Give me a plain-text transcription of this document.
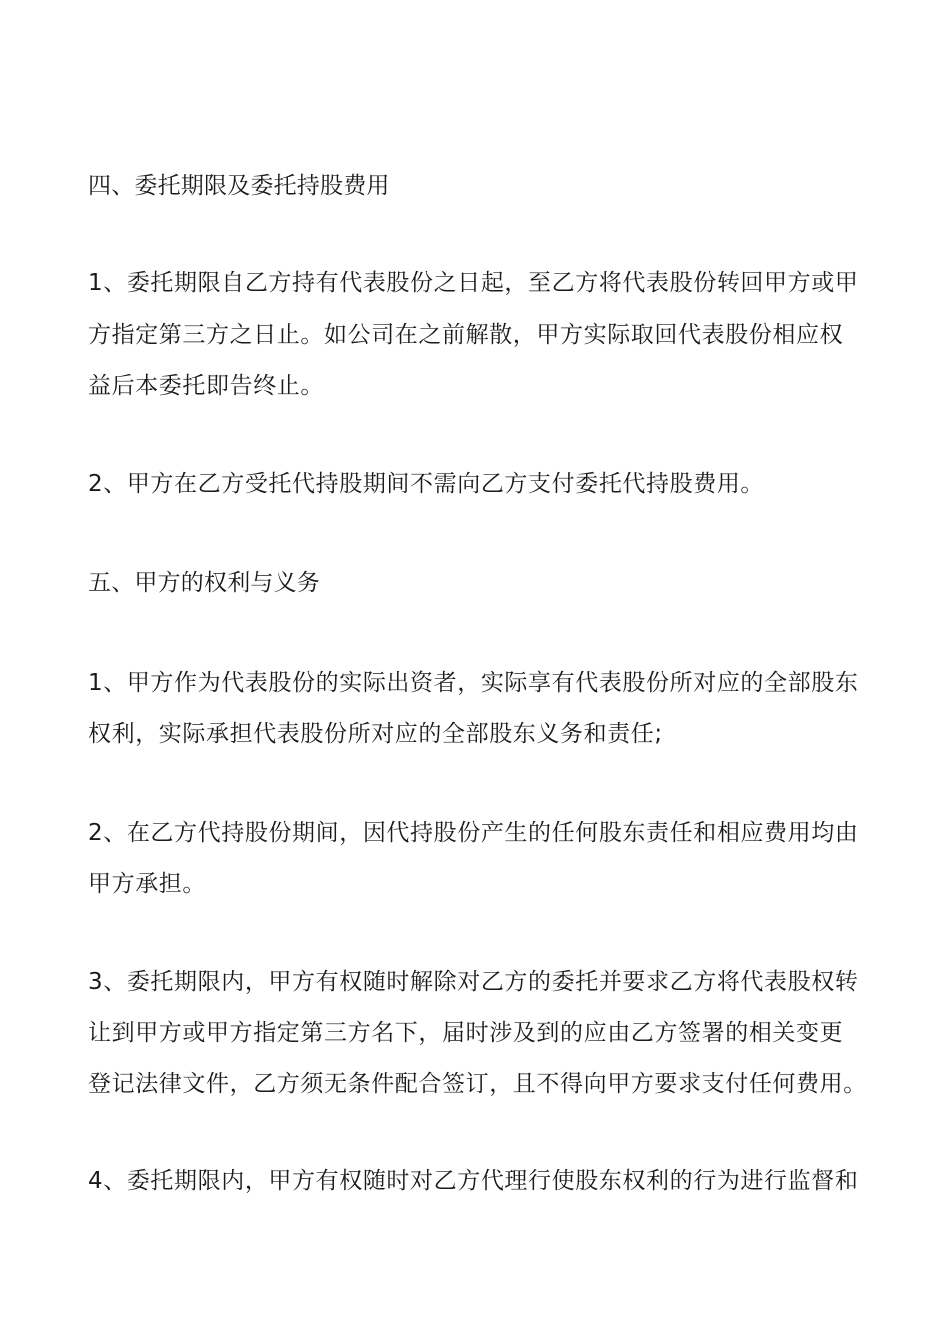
四、委托期限及委托持股费用
1、委托期限自乙方持有代表股份之日起，至乙方将代表股份转回甲方或甲
方指定第三方之日止。如公司在之前解散，甲方实际取回代表股份相应权
益后本委托即告终止。
2、甲方在乙方受托代持股期间不需向乙方支付委托代持股费用。
五、甲方的权利与义务
1、甲方作为代表股份的实际出资者，实际享有代表股份所对应的全部股东
权利，实际承担代表股份所对应的全部股东义务和责任;
2、在乙方代持股份期间，因代持股份产生的任何股东责任和相应费用均由
甲方承担。
3、委托期限内，甲方有权随时解除对乙方的委托并要求乙方将代表股权转
让到甲方或甲方指定第三方名下，届时涉及到的应由乙方签署的相关变更
登记法律文件，乙方须无条件配合签订，且不得向甲方要求支付任何费用。
4、委托期限内，甲方有权随时对乙方代理行使股东权利的行为进行监督和
